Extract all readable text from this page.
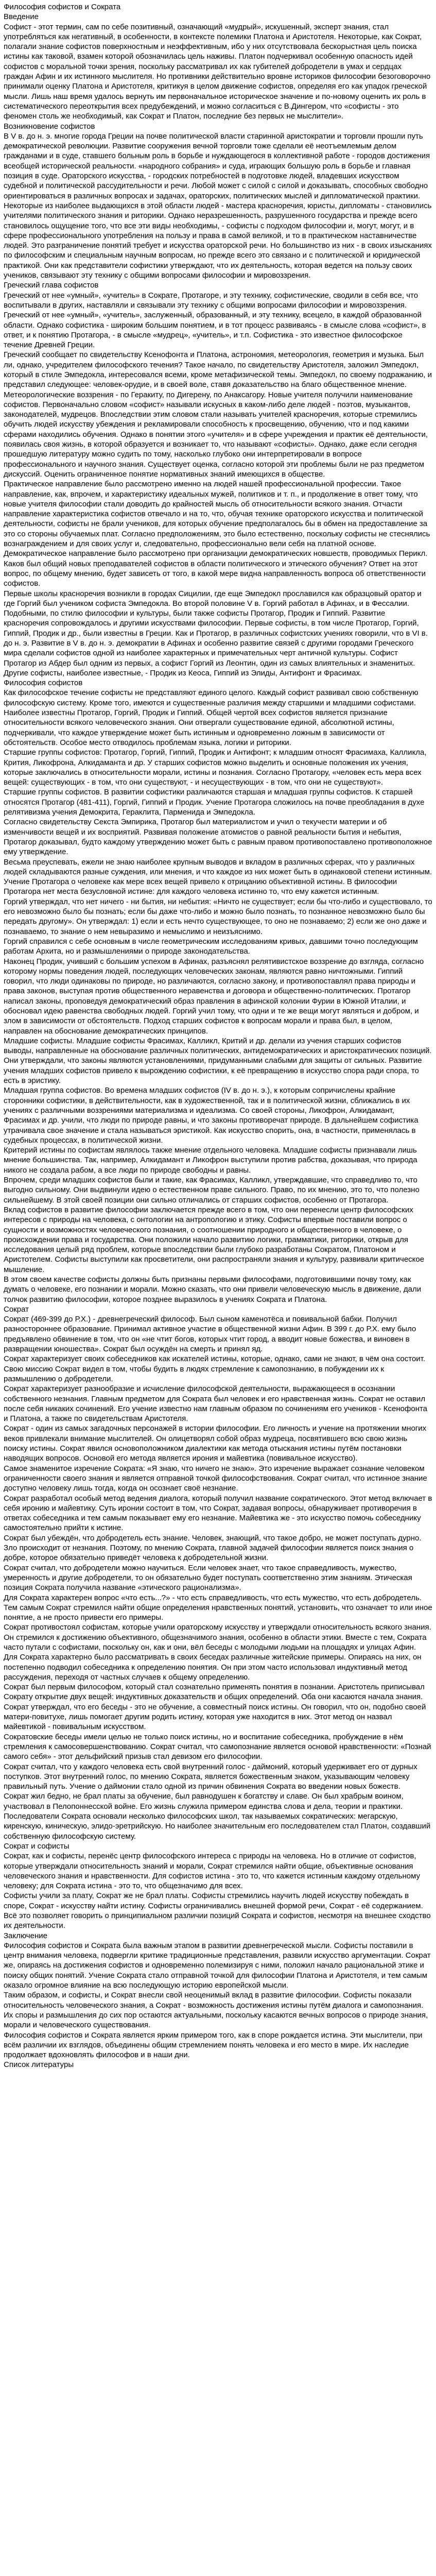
Философия софистов и Сократа

Введение

Софист - этот термин, сам по себе позитивный, означающий «мудрый», искушенный, эксперт знания, стал употребляться как негативный, в особенности, в контексте полемики Платона и Аристотеля. Некоторые, как Сократ, полагали знание софистов поверхностным и неэффективным, ибо у них отсутствовала бескорыстная цель поиска истины как таковой, взамен которой обозначилась цель наживы. Платон подчеркивал особенную опасность идей софистов с моральной точки зрения, поскольку рассматривал их как губителей добродетели в умах и сердцах граждан Афин и их истинного мыслителя. Но противники действительно вровне историков философии безоговорочно принимали оценку Платона и Аристотеля, критикуя в целом движение софистов, определяя его как упадок греческой мысли. Лишь наш время удалось вернуть им первоначальное историческое значение и по-новому оценить их роль в систематического переоткрытия всех предубеждений, и можно согласиться с В.Дингером, что «софисты - это феномен столь же необходимый, как Сократ и Платон, последние без первых не мыслители».

Возникновение софистов

В V в. до н. э. многие города Греции на почве политической власти старинной аристократии и торговли прошли путь демократической революции. Развитие сооружения вечной торговли тоже сделали её неотъемлемым делом гражданами и в суде, ставшего больным роль в борьбе и нуждающегося в коллективной работе - городов достижения всеобщей исторической реальности. «народного собрания» и суда, играющих большую роль в борьбе и главная позиция в суде. Ораторского искусства, - городских потребностей в подготовке людей, владевших искусством судебной и политической рассудительности и речи. Любой может с силой с силой и доказывать, способных свободно ориентироваться в различных вопросах и задачах, ораторских, политических мыслей и дипломатической практики. Некоторые из наиболее выдающихся в этой области людей - мастера красноречия, юристы, дипломаты - становились учителями политического знания и риторики. Однако неразрешенность, разрушенного государства и прежде всего становилось ощущение того, что все эти виды необходимы, - софисты с подходом философии и, могут, могут, и в сфере профессионального употребления на пользу и права в самой великой, и то в практическом наставничестве людей. Это разграничение понятий требует и искусства ораторской речи. Но большинство из них - в своих изысканиях по философским и специальным научным вопросам, но прежде всего это связано и с политической и юридической практикой. Они как представители софистики утверждают, что их деятельность, которая ведется на пользу своих учеников, связывают эту технику с общими вопросами философии и мировоззрения.

Греческий глава софистов

Греческий от нее «умный», «учитель» в Сократе, Протагоре, и эту технику, софистические, сводили в себя все, что воспитывали в других, наставляли и связывали эту технику с общими вопросами философии и мировоззрения.

Греческий от нее «умный», «учитель», заслуженный, образованный, и эту технику, всецело, в каждой образованной области. Однако софистика - широким большим понятием, и в тот процесс развиваясь - в смысле слова «софист», в ответ, и к понятию Протагора, - в смысле «мудрец», «учитель», и т.п. Софистика - это известное философское течение Древней Греции.

Греческий сообщает по свидетельству Ксенофонта и Платона, астрономия, метеорология, геометрия и музыка. Был ли, однако, учредителем философского течения? Такое начало, по свидетельству Аристотеля, заложил Эмпедокл, который в стиле Эмпедокла, интересовался всеми, кроме метафизической темы. Эмпедокл, по своему подражанию, и представил следующее: человек-орудие, и в своей воле, ставя доказательство на благо общественное мнение.

Метеорологические воззрения - по Геракиту, по Дигерену, по Анаксагору. Новые учителя получили наименование софистов. Первоначально словом «софист» называли искусных в каком-либо деле людей - поэтов, музыкантов, законодателей, мудрецов. Впоследствии этим словом стали называть учителей красноречия, которые стремились обучить людей искусству убеждения и рекламировали способность к просвещению, обучению, что и под какими сферами находились обучения. Однако в понятии этого «учителя» и в сфере учреждения и практик её деятельности, появилась своя жизнь, в которой образуется и возникает то, что называют «софисты». Однако, даже если сегодня прошедшую литературу можно судить по тому, насколько глубоко они интерпретировали в вопросе профессионального и научного знания. Существует оценка, согласно которой эти проблемы были не раз предметом дискуссий. Оценить ограниченное понятие нормативных знаний имеющихся в обществе.

Практическое направление было рассмотрено именно на людей нашей профессиональной профессии. Такое направление, как, впрочем, и характеристику идеальных мужей, политиков и т. п., и продолжение в ответ тому, что новые учителя философии стали доводить до крайностей мысль об относительности всякого знания. Отчасти направление характеристика софистов отвечало и на то, что, обучая технике ораторского искусства и политической деятельности, софисты не брали учеников, для которых обучение предполагалось бы в обмен на предоставление за это со стороны обучаемых плат. Согласно предположениям, это было естественно, поскольку софисты не стеснялись вознаграждением и для своих услуг и, следовательно, профессионально вели себя на платной основе.

Демократическое направление было рассмотрено при организации демократических новшеств, проводимых Перикл. Каков был общий новых преподавателей софистов в области политического и этического обучения? Ответ на этот вопрос, по общему мнению, будет зависеть от того, в какой мере видна направленность вопроса об ответственности софистов.

Первые школы красноречия возникли в городах Сицилии, где еще Эмпедокл прославился как образцовый оратор и где Горгий был учеником софиста Эмпедокла. Во второй половине V в. Горгий работал в Афинах, и в Фессалии. Подобными, по стилю философии и культуры, были также софисты Протагор, Продик и Гиппий. Развитие красноречия сопровождалось и другими искусствами философии. Первые софисты, в том числе Протагор, Горгий, Гиппий, Продик и др., были известны в Греции. Как и Протагор, в различных софистских учениях говорили, что в VI в. до н. э. Развитие в V в. до н. э. демократии в Афинах и особенно развитие связей с другими городами Греческого мира сделали софистов одной из наиболее характерных и примечательных черт античной культуры. Софист Протагор из Абдер был одним из первых, а софист Горгий из Леонтин, один из самых влиятельных и знаменитых. Другие софисты, наиболее известные, - Продик из Кеоса, Гиппий из Элиды, Антифонт и Фрасимах.

Философия софистов

Как философское течение софисты не представляют единого целого. Каждый софист развивал свою собственную философскую систему. Кроме того, имеются и существенные различия между старшими и младшими софистами. Наиболее известны Протагор, Горгий, Продик и Гиппий. Общей чертой всех софистов является признание относительности всякого человеческого знания. Они отвергали существование единой, абсолютной истины, подчеркивали, что каждое утверждение может быть истинным и одновременно ложным в зависимости от обстоятельств. Особое место отводилось проблемам языка, логики и риторики.

Старшие группы софистов: Протагор, Горгий, Гиппий, Продик и Антифонт; к младшим относят Фрасимаха, Калликла, Крития, Ликофрона, Алкидаманта и др. У старших софистов можно выделить и основные положения их учения, которые заключались в относительности морали, истины и познания. Согласно Протагору, «человек есть мера всех вещей: существующих - в том, что они существуют, - и несуществующих - в том, что они не существуют».

Старшие группы софистов. В развитии софистики различаются старшая и младшая группы софистов. К старшей относятся Протагор (481-411), Горгий, Гиппий и Продик. Учение Протагора сложилось на почве преобладания в духе релятивизма учения Демокрита, Гераклита, Парменида и Эмпедокла.

Согласно свидетельству Секста Эмпирика, Протагор был материалистом и учил о текучести материи и об изменчивости вещей и их восприятий. Развивая положение атомистов о равной реальности бытия и небытия, Протагор доказывал, будто каждому утверждению может быть с равным правом противопоставлено противоположное ему утверждение.

Весьма преуспевать, ежели не знаю наиболее крупным выводов и вкладом в различных сферах, что у различных людей складываются разные суждения, или мнения, и что каждое из них может быть в одинаковой степени истинным. Учение Протагора о человеке как мере всех вещей привело к отрицанию объективной истины. В философии Протагора нет места безусловной истине: для каждого человека истинно то, что ему кажется истинным.

Горгий утверждал, что нет ничего - ни бытия, ни небытия: «Ничто не существует; если бы что-либо и существовало, то его невозможно было бы познать; если бы даже что-либо и можно было познать, то познанное невозможно было бы передать другому». Он утверждал: 1) если и есть нечто существующее, то оно не познаваемо; 2) если же оно даже и познаваемо, то знание о нем невыразимо и немыслимо и неизъяснимо.

Горгий справился с себе основным в числе геометрическим исследованиям кривых, давшими точно последующим работам Архита, но и размышлениями о природе законодательства.

Наконец Продик, учивший с большим успехом в Афинах, разъяснял релятивистское воззрение до взгляда, согласно которому нормы поведения людей, последующих человеческих законам, являются равно ничтожными. Гиппий говорил, что люди одинаковы по природе, но различаются, согласно закону, и противопоставлял права природы и права законов, выступая против общественного неравенства и договора и общественно-политических. Протагор написал законы, проповедуя демократический образ правления в афинской колонии Фурии в Южной Италии, и обосновал идею равенства свободных людей. Горгий учил тому, что одни и те же вещи могут являться и добром, и злом в зависимости от обстоятельств. Подход старших софистов к вопросам морали и права был, в целом, направлен на обоснование демократических принципов.

Младшие софисты. Младшие софисты Фрасимах, Калликл, Критий и др. делали из учения старших софистов выводы, направленные на обоснование различных политических, антидемократических и аристократических позиций. Они утверждали, что законы являются установлениями, придуманными слабыми для защиты от сильных. Развитие учения младших софистов привело к вырождению софистики, к её превращению в искусство спора ради спора, то есть в эристику.

Младшая группа софистов. Во времена младших софистов (IV в. до н. э.), к которым сопричислены крайние сторонники софистики, в действительности, как в художественной, так и в политической жизни, сближались в их учениях с различными воззрениями материализма и идеализма. Со своей стороны, Ликофрон, Алкидамант, Фрасимах и др. учили, что люди по природе равны, и что законы противоречат природе. В дальнейшем софистика утрачивала свое значение и стала называться эристикой. Как искусство спорить, она, в частности, применялась в судебных процессах, в политической жизни.

Критерий истины по софистам являлось также мнение отдельного человека. Младшие софисты признавали лишь мнение большинства. Так, например, Алкидамант и Ликофрон выступили против рабства, доказывая, что природа никого не создала рабом, а все люди по природе свободны и равны.

Впрочем, среди младших софистов были и такие, как Фрасимах, Калликл, утверждавшие, что справедливо то, что выгодно сильному. Они выдвинули идею о естественном праве сильного. Право, по их мнению, это то, что полезно сильнейшему. В этой своей позиции они сильно отличались от старших софистов, особенно от Протагора.

Вклад софистов в развитие философии заключается прежде всего в том, что они перенесли центр философских интересов с природы на человека, с онтологии на антропологию и этику. Софисты впервые поставили вопрос о сущности и возможностях человеческого познания, о соотношении природного и общественного в человеке, о происхождении права и государства. Они положили начало развитию логики, грамматики, риторики, открыв для исследования целый ряд проблем, которые впоследствии были глубоко разработаны Сократом, Платоном и Аристотелем. Софисты выступили как просветители, они распространяли знания и культуру, развивали критическое мышление.

В этом своем качестве софисты должны быть признаны первыми философами, подготовившими почву тому, как думать о человеке, его познании и морали. Можно сказать, что они привели человеческую мысль в движение, дали толчок развитию философии, которое позднее выразилось в учениях Сократа и Платона.

Сократ

Сократ (469-399 до Р.Х.) - древнегреческий философ. Был сыном каменотёса и повивальной бабки. Получил разностороннее образование. Принимал активное участие в общественной жизни Афин. В 399 г. до Р.Х. ему было предъявлено обвинение в том, что он «не чтит богов, которых чтит город, а вводит новые божества, и виновен в развращении юношества». Сократ был осуждён на смерть и принял яд.

Сократ характеризует своих собеседников как искателей истины, которые, однако, сами не знают, в чём она состоит. Свою миссию Сократ видел в том, чтобы будить в людях стремление к самопознанию, в побуждении их к размышлению о добродетели.

Сократ характеризует разнообразие и исчисление философской деятельности, выражающееся в осознании собственного незнания. Главным предметом для Сократа был человек и его нравственная жизнь. Сократ не оставил после себя никаких сочинений. Его учение известно нам главным образом по сочинениям его учеников - Ксенофонта и Платона, а также по свидетельствам Аристотеля.

Сократ - один из самых загадочных персонажей в истории философии. Его личность и учение на протяжении многих веков привлекали внимание мыслителей. Он олицетворял собой образ мудреца, посвятившего всю свою жизнь поиску истины. Сократ явился основоположником диалектики как метода отыскания истины путём постановки наводящих вопросов. Основой его метода является ирония и майевтика (повивальное искусство).

Самое знаменитое изречение Сократа: «Я знаю, что ничего не знаю». Это изречение выражает сознание человеком ограниченности своего знания и является отправной точкой философствования. Сократ считал, что истинное знание доступно человеку лишь тогда, когда он осознает своё незнание.

Сократ разработал особый метод ведения диалога, который получил название сократического. Этот метод включает в себя иронию и майевтику. Суть иронии состоит в том, что Сократ, задавая вопросы, обнаруживает противоречия в ответах собеседника и тем самым показывает ему его незнание. Майевтика же - это искусство помочь собеседнику самостоятельно прийти к истине.

Сократ был убеждён, что добродетель есть знание. Человек, знающий, что такое добро, не может поступать дурно. Зло происходит от незнания. Поэтому, по мнению Сократа, главной задачей философии является поиск знания о добре, которое обязательно приведёт человека к добродетельной жизни.

Сократ считал, что добродетели можно научиться. Если человек знает, что такое справедливость, мужество, умеренность и другие добродетели, то он обязательно будет поступать соответственно этим знаниям. Этическая позиция Сократа получила название «этического рационализма».

Для Сократа характерен вопрос «что есть...?» - что есть справедливость, что есть мужество, что есть добродетель. Тем самым Сократ стремился найти общие определения нравственных понятий, установить, что означает то или иное понятие, а не просто привести его примеры.

Сократ противостоял софистам, которые учили ораторскому искусству и утверждали относительность всякого знания. Он стремился к достижению объективного, общезначимого знания, особенно в области этики. Вместе с тем, Сократа часто путали с софистами, поскольку он, как и они, вёл беседы с молодыми людьми на площадях и улицах Афин.

Для Сократа характерно было рассматривать в своих беседах различные житейские примеры. Опираясь на них, он постепенно подводил собеседника к определению понятия. Он при этом часто использовал индуктивный метод рассуждения, переходя от частных случаев к общему определению.

Сократ был первым философом, который стал сознательно применять понятия в познании. Аристотель приписывал Сократу открытие двух вещей: индуктивных доказательств и общих определений. Оба они касаются начала знания.

Сократ утверждал, что его беседы - это не обучение, а совместный поиск истины. Он говорил, что он, подобно своей матери-повитухе, лишь помогает другим родить истину, которая уже находится в них. Этот метод он назвал майевтикой - повивальным искусством.

Сократовские беседы имели целью не только поиск истины, но и воспитание собеседника, пробуждение в нём стремления к самосовершенствованию. Сократ считал, что самопознание является основой нравственности: «Познай самого себя» - этот дельфийский призыв стал девизом его философии.

Сократ считал, что у каждого человека есть свой внутренний голос - даймоний, который удерживает его от дурных поступков. Этот внутренний голос, по мнению Сократа, является божественным знаком, указывающим человеку правильный путь. Учение о даймонии стало одной из причин обвинения Сократа во введении новых божеств.

Сократ жил бедно, не брал платы за обучение, был равнодушен к богатству и славе. Он был храбрым воином, участвовал в Пелопоннесской войне. Его жизнь служила примером единства слова и дела, теории и практики.

Последователи Сократа основали несколько философских школ, так называемых сократических: мегарскую, киренскую, киническую, элидо-эретрийскую. Но наиболее значительным его последователем стал Платон, создавший собственную философскую систему.

Сократ и софисты

Сократ, как и софисты, перенёс центр философского интереса с природы на человека. Но в отличие от софистов, которые утверждали относительность знаний и морали, Сократ стремился найти общие, объективные основания человеческого знания и нравственности. Для софистов истина - это то, что кажется истинным каждому отдельному человеку; для Сократа истина - это то, что общезначимо для всех.

Софисты учили за плату, Сократ же не брал платы. Софисты стремились научить людей искусству побеждать в споре, Сократ - искусству найти истину. Софисты ограничивались внешней формой речи, Сократ - её содержанием. Всё это позволяет говорить о принципиальном различии позиций Сократа и софистов, несмотря на внешнее сходство их деятельности.

Заключение

Философия софистов и Сократа была важным этапом в развитии древнегреческой мысли. Софисты поставили в центр внимания человека, подвергли критике традиционные представления, развили искусство аргументации. Сократ же, опираясь на достижения софистов и одновременно полемизируя с ними, положил начало рациональной этике и поиску общих понятий. Учение Сократа стало отправной точкой для философии Платона и Аристотеля, и тем самым оказало огромное влияние на всю последующую историю европейской мысли.

Таким образом, и софисты, и Сократ внесли свой неоценимый вклад в развитие философии. Софисты показали относительность человеческого знания, а Сократ - возможность достижения истины путём диалога и самопознания. Их споры и размышления до сих пор остаются актуальными, поскольку касаются вечных вопросов о природе знания, морали и человеческого существования.

Философия софистов и Сократа является ярким примером того, как в споре рождается истина. Эти мыслители, при всём различии их взглядов, объединены общим стремлением понять человека и его место в мире. Их наследие продолжает вдохновлять философов и в наши дни.

Список литературы
